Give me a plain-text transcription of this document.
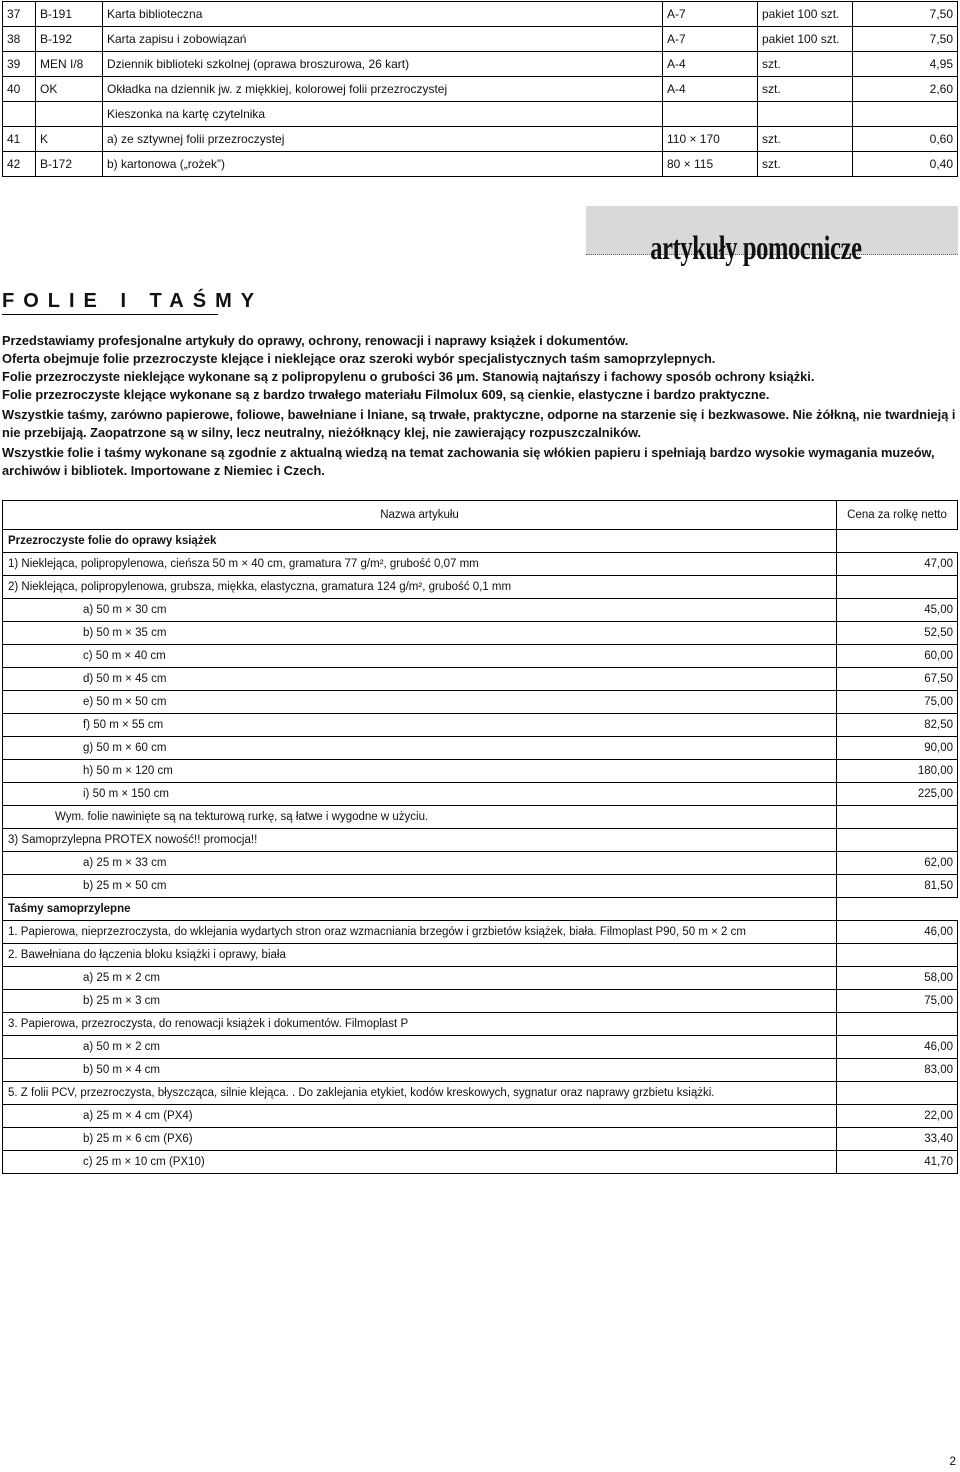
37	B-191	Karta biblioteczna	A-7	pakiet 100 szt.	7,50
38	B-192	Karta zapisu i zobowiązań	A-7	pakiet 100 szt.	7,50
39	MEN I/8	Dziennik biblioteki szkolnej (oprawa broszurowa, 26 kart)	A-4	szt.	4,95
40	OK	Okładka na dziennik jw. z miękkiej, kolorowej folii przezroczystej	A-4	szt.	2,60
		Kieszonka na kartę czytelnika			
41	K	a) ze sztywnej folii przezroczystej	110 × 170	szt.	0,60
42	B-172	b) kartonowa („rożek”)	80 × 115	szt.	0,40
artykuły pomocnicze
FOLIE I TAŚMY

Przedstawiamy profesjonalne artykuły do oprawy, ochrony, renowacji i naprawy książek i dokumentów.

Oferta obejmuje folie przezroczyste klejące i nieklejące oraz szeroki wybór specjalistycznych taśm samoprzylepnych.

Folie przezroczyste nieklejące wykonane są z polipropylenu o grubości 36 µm. Stanowią najtańszy i fachowy sposób ochrony książki.

Folie przezroczyste klejące wykonane są z bardzo trwałego materiału Filmolux 609, są cienkie, elastyczne i bardzo praktyczne.

Wszystkie taśmy, zarówno papierowe, foliowe, bawełniane i lniane, są trwałe, praktyczne, odporne na starzenie się i bezkwasowe. Nie żółkną, nie twardnieją i nie przebijają. Zaopatrzone są w silny, lecz neutralny, nieżółknący klej, nie zawierający rozpuszczalników.

Wszystkie folie i taśmy wykonane są zgodnie z aktualną wiedzą na temat zachowania się włókien papieru i spełniają bardzo wysokie wymagania muzeów, archiwów i bibliotek. Importowane z Niemiec i Czech.

Nazwa artykułu	Cena za rolkę netto
Przezroczyste folie do oprawy książek	
1) Nieklejąca, polipropylenowa, cieńsza 50 m × 40 cm, gramatura 77 g/m², grubość 0,07 mm	47,00
2) Nieklejąca, polipropylenowa, grubsza, miękka, elastyczna, gramatura 124 g/m², grubość 0,1 mm	
a) 50 m × 30 cm	45,00
b) 50 m × 35 cm	52,50
c) 50 m × 40 cm	60,00
d) 50 m × 45 cm	67,50
e) 50 m × 50 cm	75,00
f) 50 m × 55 cm	82,50
g) 50 m × 60 cm	90,00
h) 50 m × 120 cm	180,00
i) 50 m × 150 cm	225,00
Wym. folie nawinięte są na tekturową rurkę, są łatwe i wygodne w użyciu.	
3) Samoprzylepna PROTEX nowość!! promocja!!	
a) 25 m × 33 cm	62,00
b) 25 m × 50 cm	81,50
Taśmy samoprzylepne	
1. Papierowa, nieprzezroczysta, do wklejania wydartych stron oraz wzmacniania brzegów i grzbietów książek, biała. Filmoplast P90, 50 m × 2 cm	46,00
2. Bawełniana do łączenia bloku książki i oprawy, biała	
a) 25 m × 2 cm	58,00
b) 25 m × 3 cm	75,00
3. Papierowa, przezroczysta, do renowacji książek i dokumentów. Filmoplast P	
a) 50 m × 2 cm	46,00
b) 50 m × 4 cm	83,00
5. Z folii PCV, przezroczysta, błyszcząca, silnie klejąca. . Do zaklejania etykiet, kodów kreskowych, sygnatur oraz naprawy grzbietu książki.	
a) 25 m × 4 cm (PX4)	22,00
b) 25 m × 6 cm (PX6)	33,40
c) 25 m × 10 cm (PX10)	41,70
2
